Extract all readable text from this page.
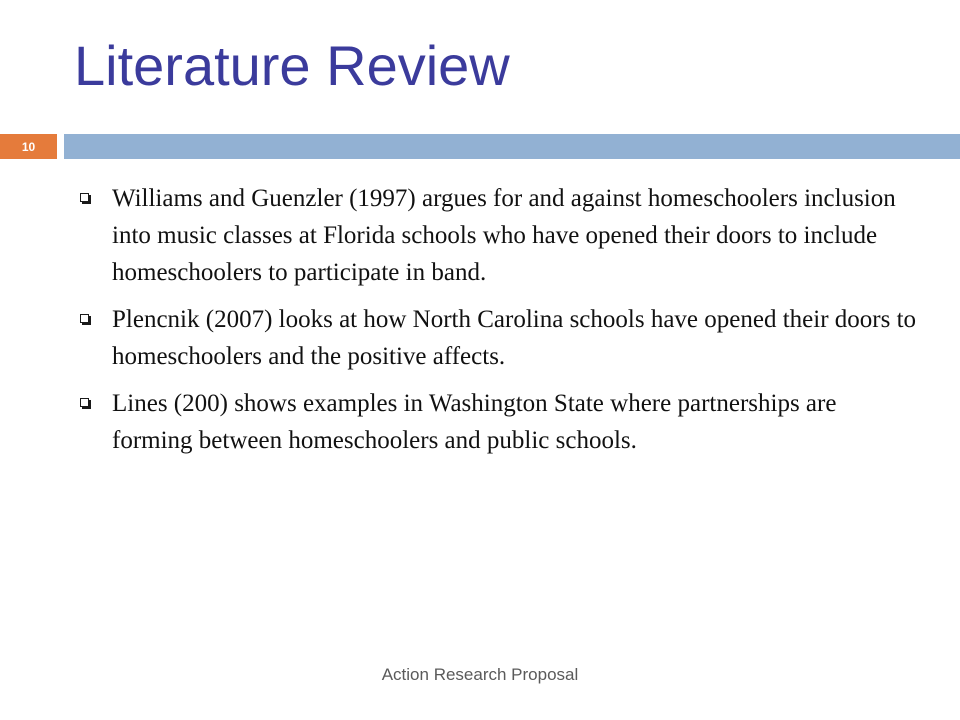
Literature Review
10
Williams and Guenzler (1997) argues for and against homeschoolers inclusion into music classes at Florida schools who have opened their doors to include homeschoolers to participate in band.
Plencnik (2007) looks at how North Carolina schools have opened their doors to homeschoolers and the positive affects.
Lines (200) shows examples in Washington State where partnerships are forming between homeschoolers and public schools.
Action Research Proposal
